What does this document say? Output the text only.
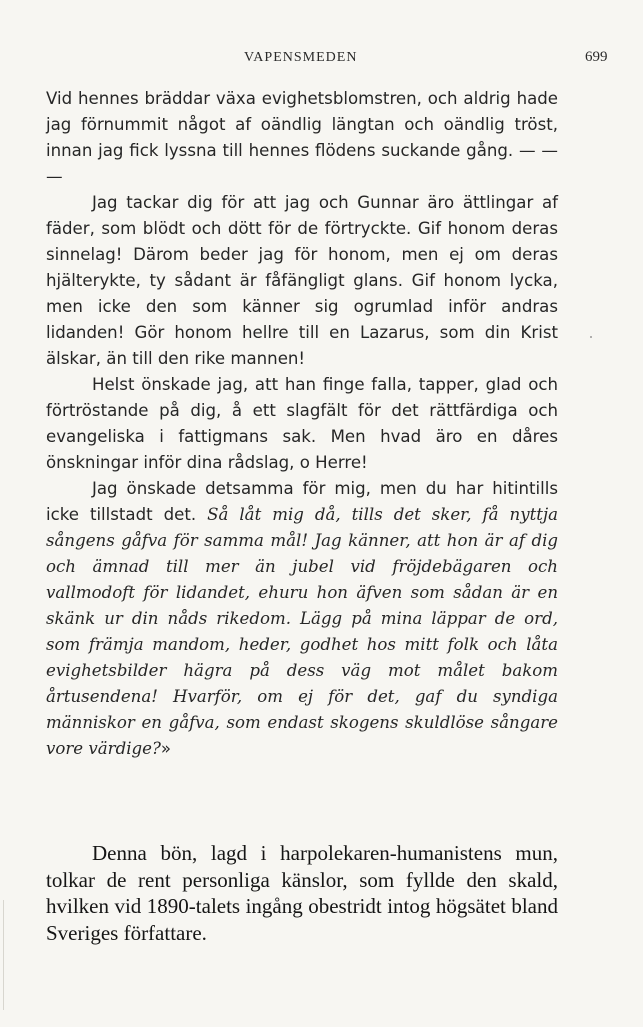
VAPENSMEDEN	699

Vid hennes bräddar växa evighetsblomstren, och aldrig hade jag förnummit något af oändlig längtan och oändlig tröst, innan jag fick lyssna till hennes flödens suckande gång. — — —

Jag tackar dig för att jag och Gunnar äro ättlingar af fäder, som blödt och dött för de förtryckte. Gif honom deras sinnelag! Därom beder jag för honom, men ej om deras hjälterykte, ty sådant är fåfängligt glans. Gif honom lycka, men icke den som känner sig ogrumlad inför andras lidanden! Gör honom hellre till en Lazarus, som din Krist älskar, än till den rike mannen!

Helst önskade jag, att han finge falla, tapper, glad och förtröstande på dig, å ett slagfält för det rättfärdiga och evangeliska i fattigmans sak. Men hvad äro en dåres önskningar inför dina rådslag, o Herre!

Jag önskade detsamma för mig, men du har hitintills icke tillstadt det. Så låt mig då, tills det sker, få nyttja sångens gåfva för samma mål! Jag känner, att hon är af dig och ämnad till mer än jubel vid fröjdebägaren och vallmodoft för lidandet, ehuru hon äfven som sådan är en skänk ur din nåds rikedom. Lägg på mina läppar de ord, som främja mandom, heder, godhet hos mitt folk och låta evighetsbilder hägra på dess väg mot målet bakom årtusendena! Hvarför, om ej för det, gaf du syndiga människor en gåfva, som endast skogens skuldlöse sångare vore värdige?»

Denna bön, lagd i harpolekaren-humanistens mun, tolkar de rent personliga känslor, som fyllde den skald, hvilken vid 1890-talets ingång obestridt intog högsätet bland Sveriges författare.
